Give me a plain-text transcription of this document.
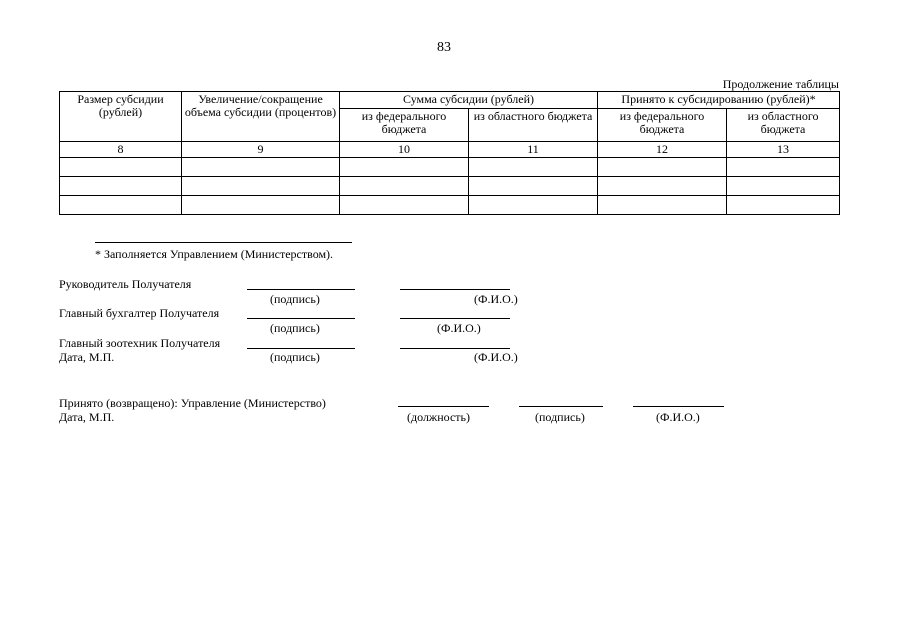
83
Продолжение таблицы
Размер субсидии (рублей)	Увеличение/сокращение объема субсидии (процентов)	Сумма субсидии (рублей)		Принято к субсидированию (рублей)*	
		из федерального бюджета	из областного бюджета	из федерального бюджета	из областного бюджета
8	9	10	11	12	13

* Заполняется Управлением (Министерством).
Руководитель Получателя
(подпись)	(Ф.И.О.)
Главный бухгалтер Получателя
(подпись)	(Ф.И.О.)
Главный зоотехник Получателя
Дата, М.П.	(подпись)	(Ф.И.О.)
Принято (возвращено): Управление (Министерство)
Дата, М.П.	(должность)	(подпись)	(Ф.И.О.)
